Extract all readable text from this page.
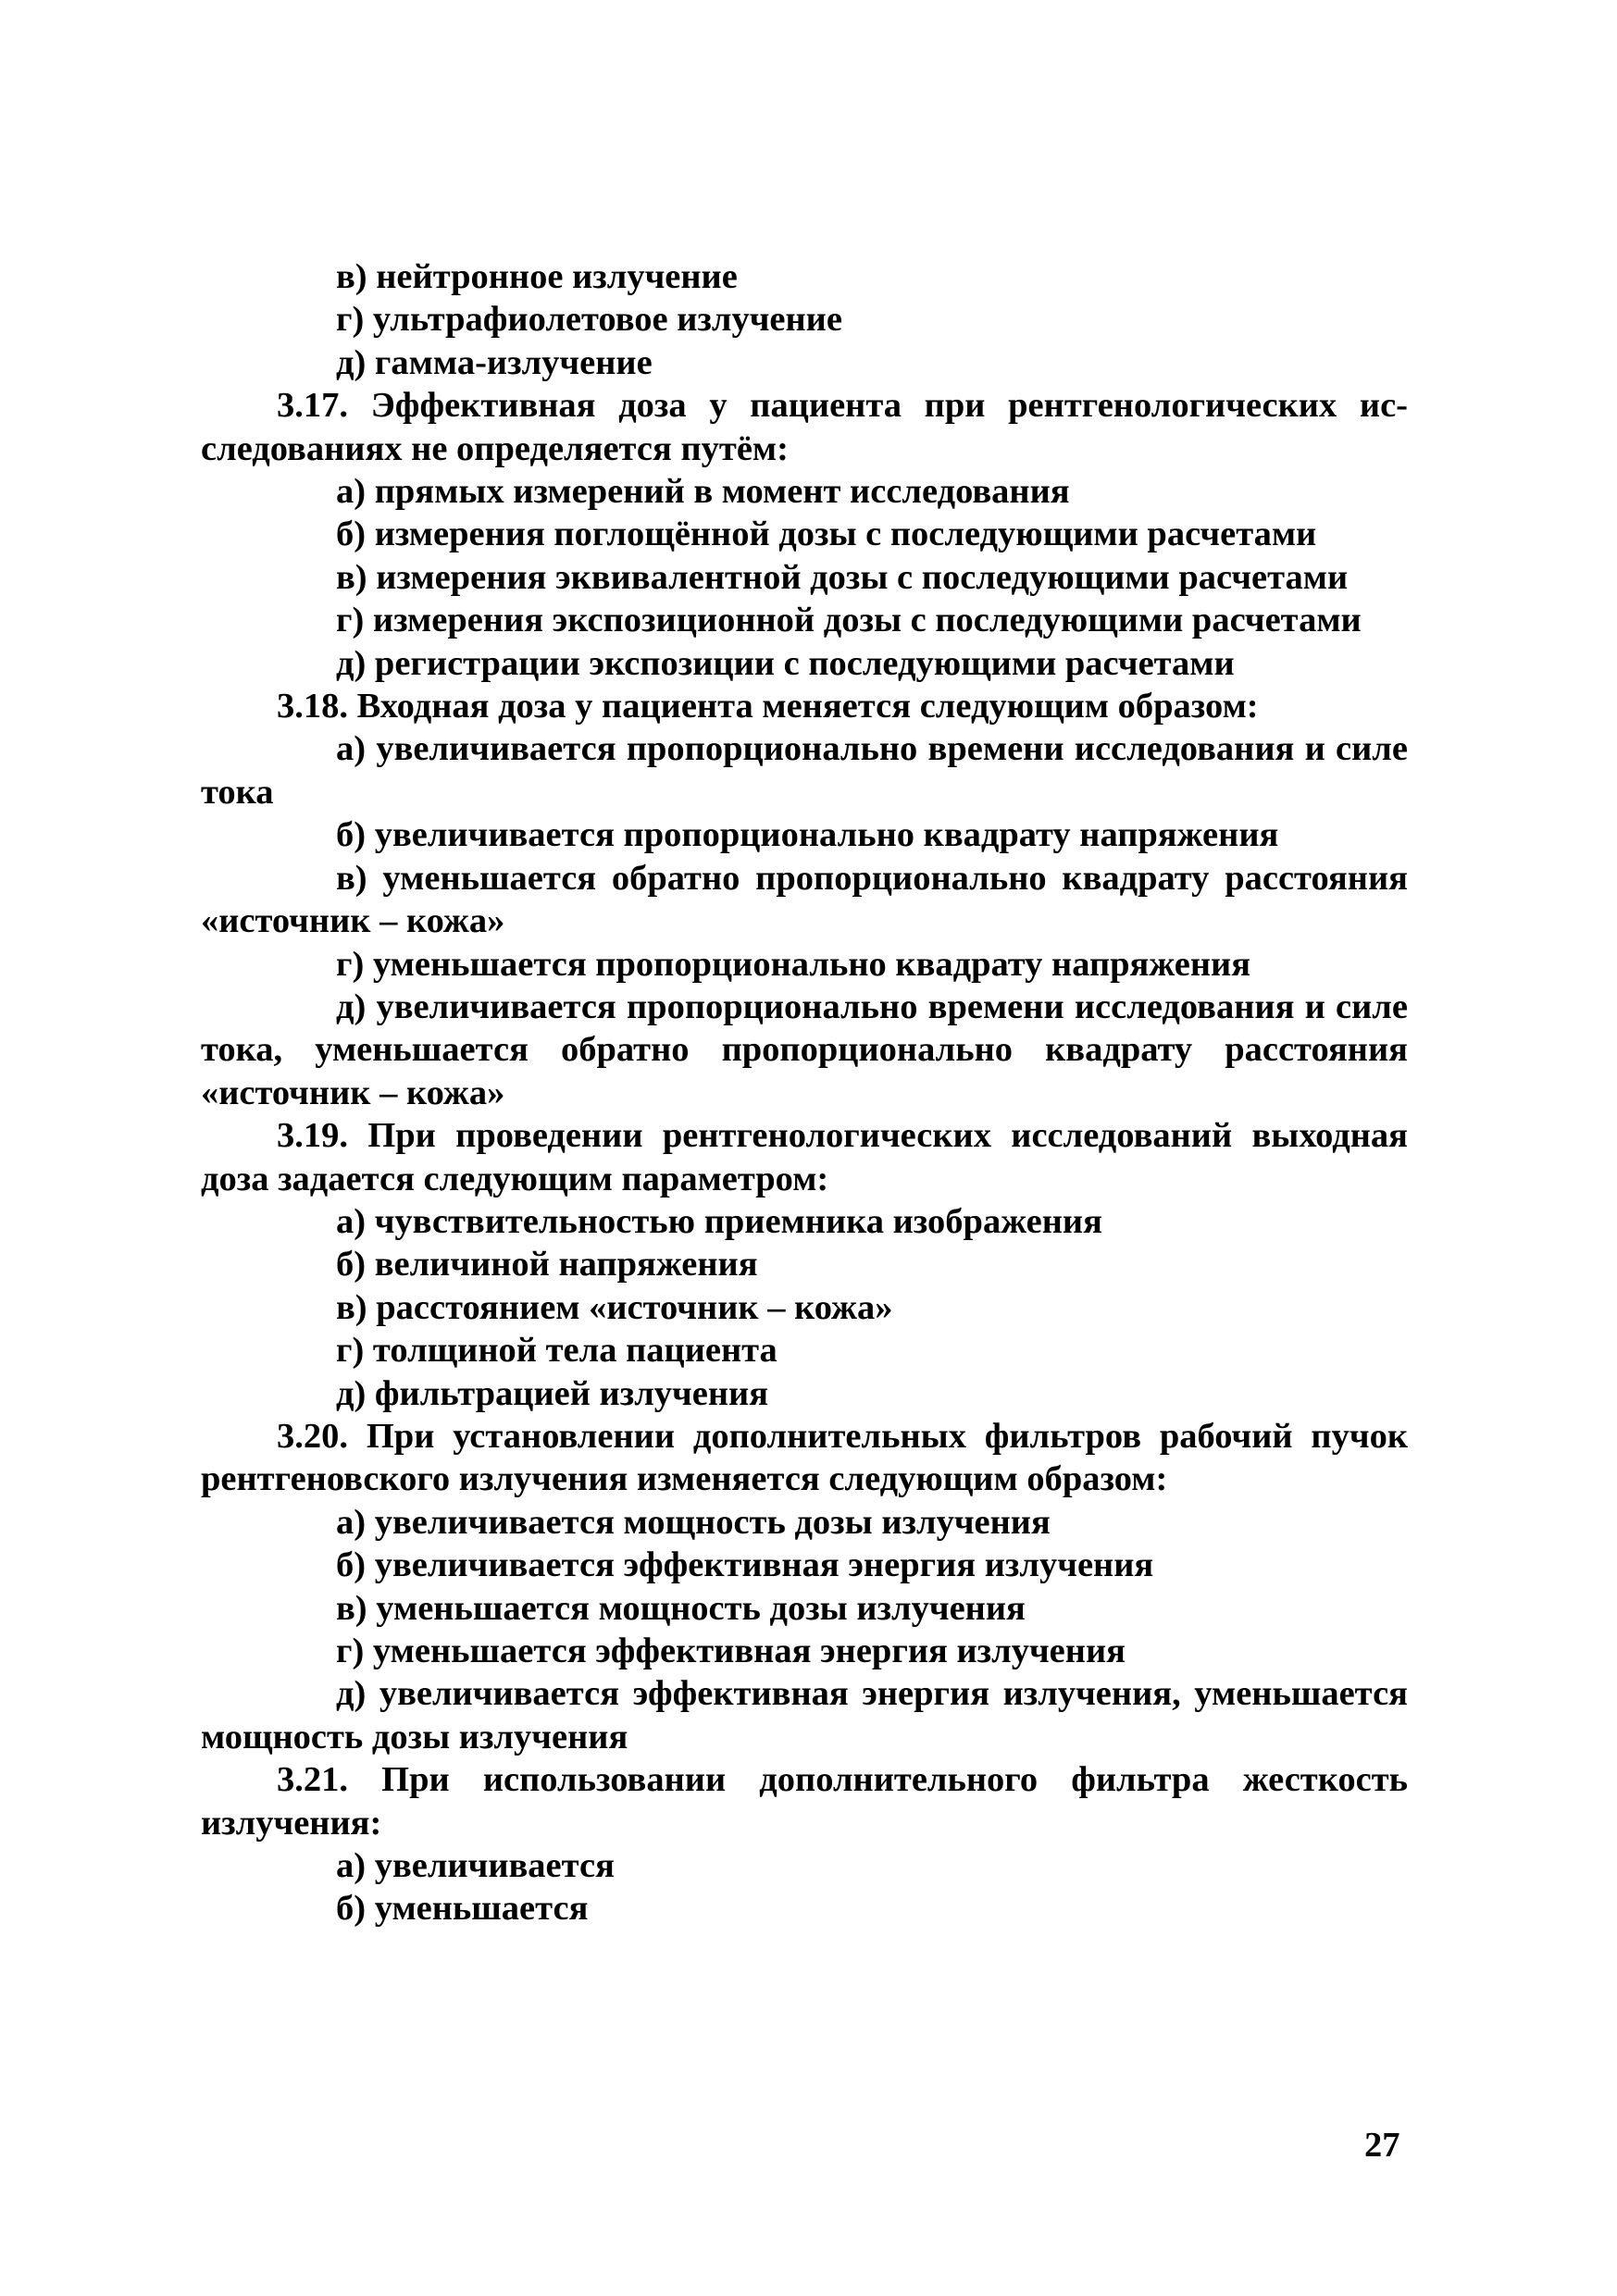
в) нейтронное излучение
г) ультрафиолетовое излучение
д) гамма-излучение
3.17. Эффективная доза у пациента при рентгенологических исследованиях не определяется путём:
а) прямых измерений в момент исследования
б) измерения поглощённой дозы с последующими расчетами
в) измерения эквивалентной дозы с последующими расчетами
г) измерения экспозиционной дозы с последующими расчетами
д) регистрации экспозиции с последующими расчетами
3.18. Входная доза у пациента меняется следующим образом:
а) увеличивается пропорционально времени исследования и силе тока
б) увеличивается пропорционально квадрату напряжения
в) уменьшается обратно пропорционально квадрату расстояния «источник – кожа»
г) уменьшается пропорционально квадрату напряжения
д) увеличивается пропорционально времени исследования и силе тока, уменьшается обратно пропорционально квадрату расстояния «источник – кожа»
3.19. При проведении рентгенологических исследований выходная доза задается следующим параметром:
а) чувствительностью приемника изображения
б) величиной напряжения
в) расстоянием «источник – кожа»
г) толщиной тела пациента
д) фильтрацией излучения
3.20. При установлении дополнительных фильтров рабочий пучок рентгеновского излучения изменяется следующим образом:
а) увеличивается мощность дозы излучения
б) увеличивается эффективная энергия излучения
в) уменьшается мощность дозы излучения
г) уменьшается эффективная энергия излучения
д) увеличивается эффективная энергия излучения, уменьшается мощность дозы излучения
3.21. При использовании дополнительного фильтра жесткость излучения:
а) увеличивается
б) уменьшается
27
